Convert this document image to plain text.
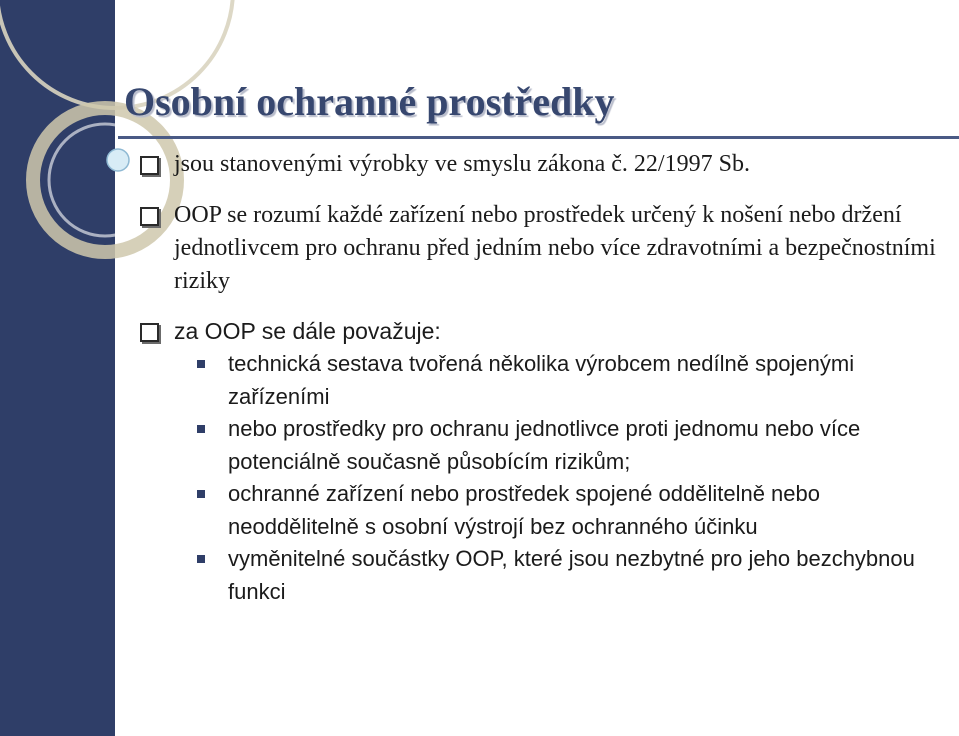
Osobní ochranné prostředky
jsou stanovenými výrobky ve smyslu zákona č. 22/1997 Sb.
OOP se rozumí každé zařízení nebo prostředek určený k nošení nebo držení jednotlivcem pro ochranu před jedním nebo více zdravotními a bezpečnostními riziky
za OOP se dále považuje:
technická sestava tvořená několika výrobcem nedílně spojenými zařízeními
nebo prostředky pro ochranu jednotlivce proti jednomu nebo více potenciálně současně působícím rizikům;
ochranné zařízení nebo prostředek spojené oddělitelně nebo neoddělitelně s osobní výstrojí bez ochranného účinku
vyměnitelné součástky OOP, které jsou nezbytné pro jeho bezchybnou funkci
